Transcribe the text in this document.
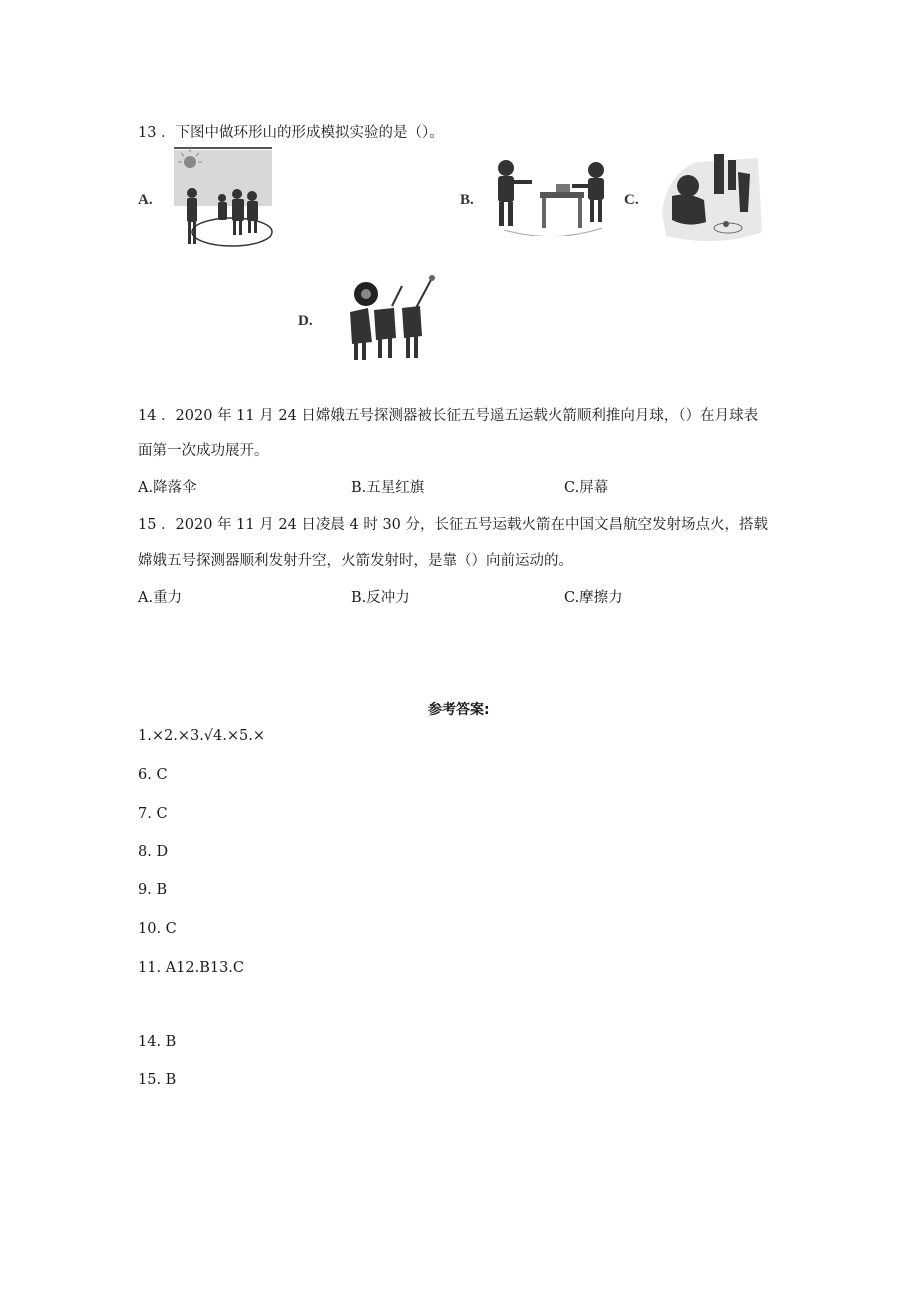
13 ．下图中做环形山的形成模拟实验的是（）。
A.	B.	C.
D.
14 ．2020 年 11 月 24 日嫦娥五号探测器被长征五号遥五运载火箭顺利推向月球，（）在月球表
面第一次成功展开。
A.降落伞	B.五星红旗	C.屏幕
15 ．2020 年 11 月 24 日凌晨 4 时 30 分，长征五号运载火箭在中国文昌航空发射场点火，搭载
嫦娥五号探测器顺利发射升空，火箭发射时，是靠（）向前运动的。
A.重力	B.反冲力	C.摩擦力
参考答案:
1.×2.×3.√4.×5.×
6. C
7. C
8. D
9. B
10. C
11. A12.B13.C
14. B
15. B
